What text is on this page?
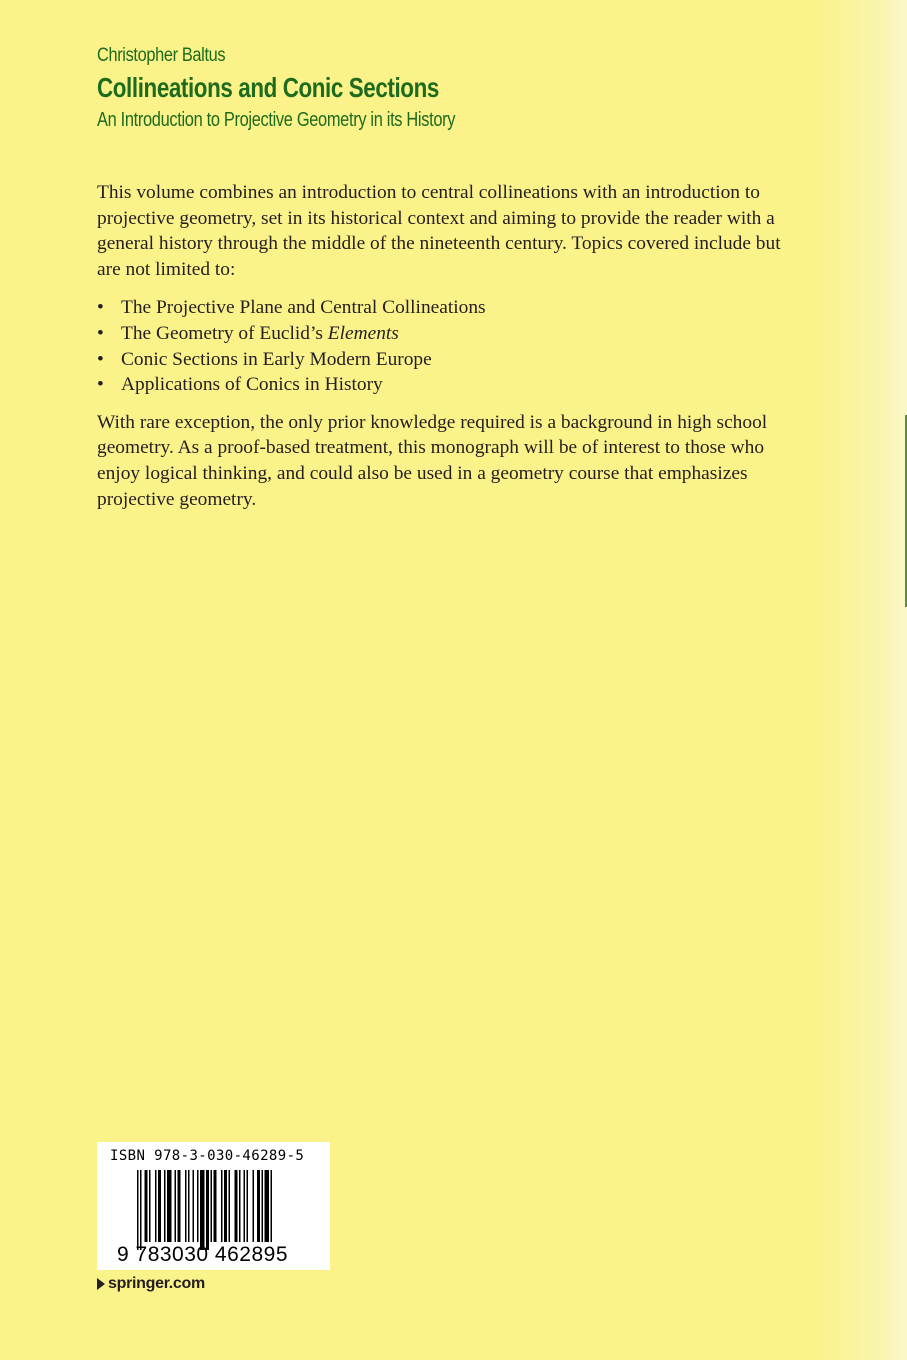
Christopher Baltus
Collineations and Conic Sections
An Introduction to Projective Geometry in its History

This volume combines an introduction to central collineations with an introduction to projective geometry, set in its historical context and aiming to provide the reader with a general history through the middle of the nineteenth century. Topics covered include but are not limited to:

• The Projective Plane and Central Collineations
• The Geometry of Euclid’s Elements
• Conic Sections in Early Modern Europe
• Applications of Conics in History

With rare exception, the only prior knowledge required is a background in high school geometry. As a proof-based treatment, this monograph will be of interest to those who enjoy logical thinking, and could also be used in a geometry course that emphasizes projective geometry.

ISBN 978-3-030-46289-5
9 783030 462895
springer.com
